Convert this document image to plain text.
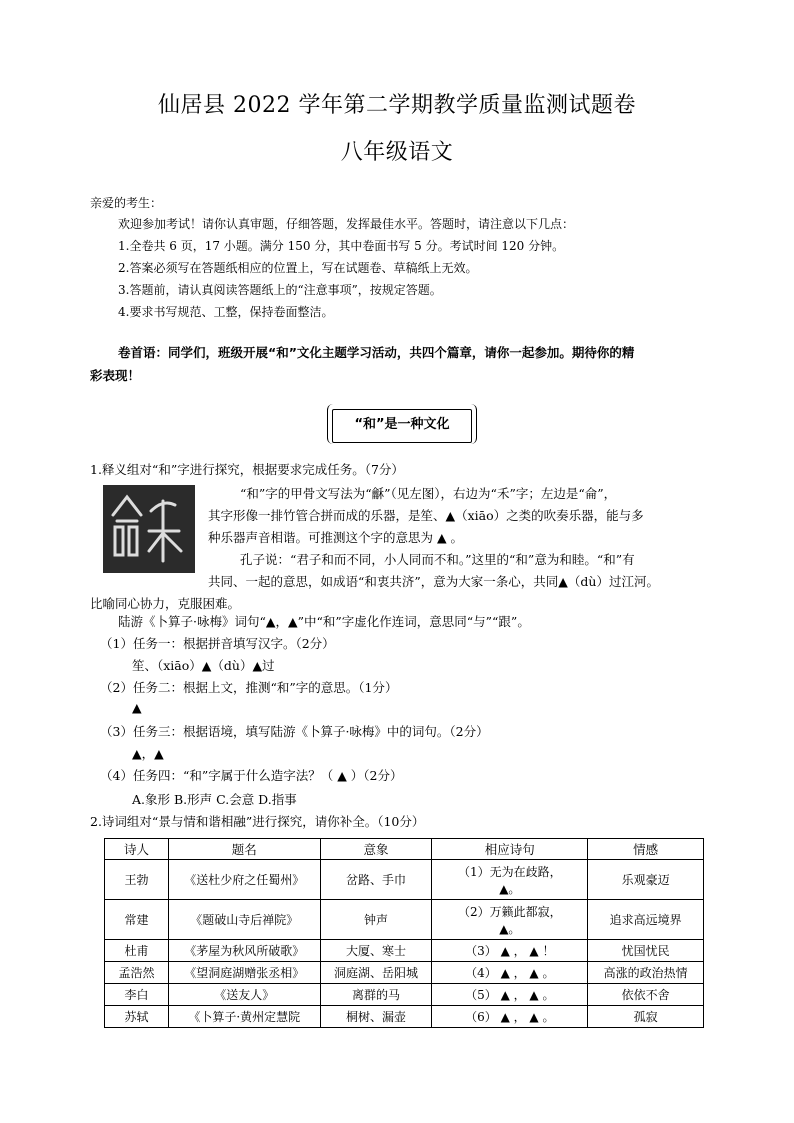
仙居县 2022 学年第二学期教学质量监测试题卷
八年级语文
亲爱的考生：
欢迎参加考试！请你认真审题，仔细答题，发挥最佳水平。答题时，请注意以下几点：
1.全卷共 6 页，17 小题。满分 150 分，其中卷面书写 5 分。考试时间 120 分钟。
2.答案必须写在答题纸相应的位置上，写在试题卷、草稿纸上无效。
3.答题前，请认真阅读答题纸上的“注意事项”，按规定答题。
4.要求书写规范、工整，保持卷面整洁。
卷首语：同学们，班级开展“和”文化主题学习活动，共四个篇章，请你一起参加。期待你的精
彩表现！
“和”是一种文化
1.释义组对“和”字进行探究，根据要求完成任务。（7分）
“和”字的甲骨文写法为“龢”（见左图），右边为“禾”字；左边是“侖”，
其字形像一排竹管合拼而成的乐器，是笙、▲（xiāo）之类的吹奏乐器，能与多
种乐器声音相谐。可推测这个字的意思为 ▲ 。
孔子说：“君子和而不同，小人同而不和。”这里的“和”意为和睦。“和”有
共同、一起的意思，如成语“和衷共济”，意为大家一条心，共同▲（dù）过江河。
比喻同心协力，克服困难。
陆游《卜算子·咏梅》词句“▲，▲”中“和”字虚化作连词，意思同“与”“跟”。
（1）任务一：根据拼音填写汉字。（2分）
笙、（xiāo）▲（dù）▲过
（2）任务二：根据上文，推测“和”字的意思。（1分）
▲
（3）任务三：根据语境，填写陆游《卜算子·咏梅》中的词句。（2分）
▲，▲
（4）任务四：“和”字属于什么造字法？（ ▲ ）（2分）
A.象形 B.形声 C.会意 D.指事
2.诗词组对“景与情和谐相融”进行探究，请你补全。（10分）
诗人	题名	意象	相应诗句	情感
王勃	《送杜少府之任蜀州》	岔路、手巾	（1）无为在歧路，
▲。	乐观豪迈
常建	《题破山寺后禅院》	钟声	（2）万籁此都寂，
▲。	追求高远境界
杜甫	《茅屋为秋风所破歌》	大厦、寒士	（3） ▲ ， ▲ ！	忧国忧民
孟浩然	《望洞庭湖赠张丞相》	洞庭湖、岳阳城	（4） ▲ ， ▲ 。	高涨的政治热情
李白	《送友人》	离群的马	（5） ▲ ， ▲ 。	依依不舍
苏轼	《卜算子·黄州定慧院	桐树、漏壶	（6） ▲ ， ▲ 。	孤寂
